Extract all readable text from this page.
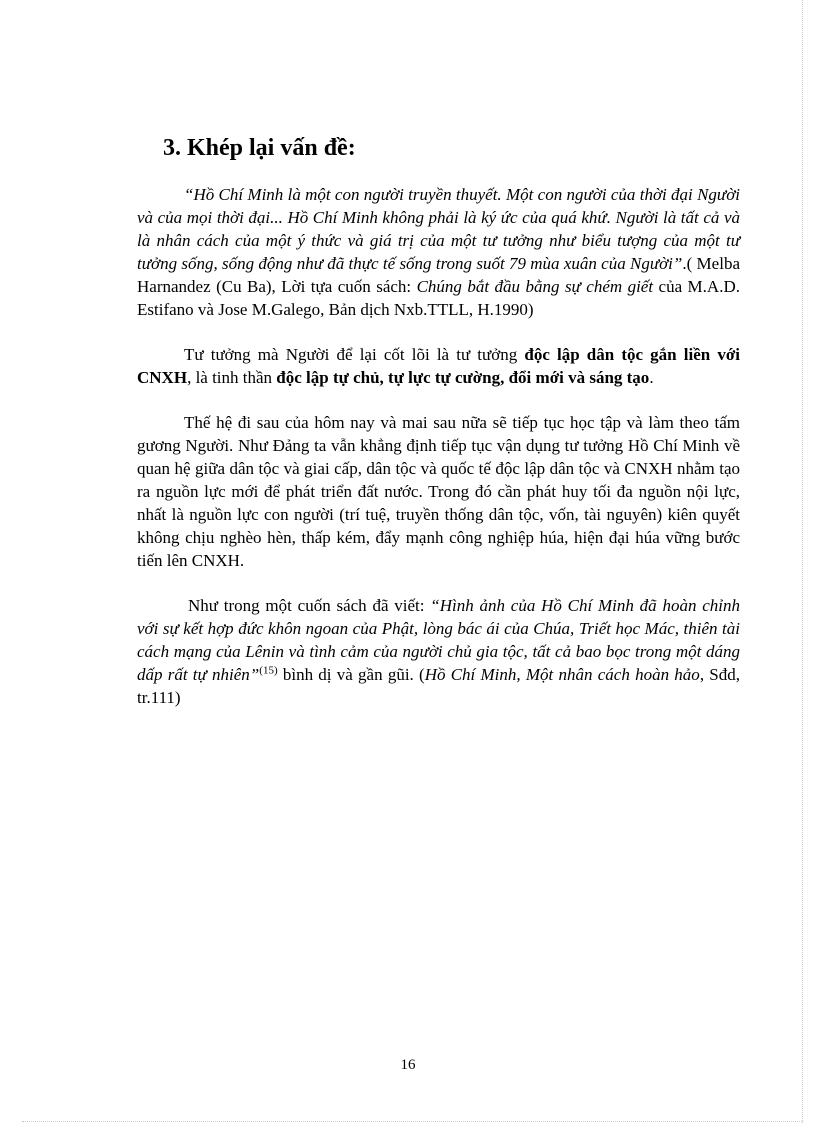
3. Khép lại vấn đề:

“Hồ Chí Minh là một con người truyền thuyết. Một con người của thời đại Người và của mọi thời đại... Hồ Chí Minh không phải là ký ức của quá khứ. Người là tất cả và là nhân cách của một ý thức và giá trị của một tư tưởng như biểu tượng của một tư tưởng sống, sống động như đã thực tế sống trong suốt 79 mùa xuân của Người”.( Melba Harnandez (Cu Ba), Lời tựa cuốn sách: Chúng bắt đầu bằng sự chém giết của M.A.D. Estifano và Jose M.Galego, Bản dịch Nxb.TTLL, H.1990)

Tư tưởng mà Người để lại cốt lõi là tư tưởng độc lập dân tộc gắn liền với CNXH, là tinh thần độc lập tự chủ, tự lực tự cường, đổi mới và sáng tạo.

Thế hệ đi sau của hôm nay và mai sau nữa sẽ tiếp tục học tập và làm theo tấm gương Người. Như Đảng ta vẫn khẳng định tiếp tục vận dụng tư tưởng Hồ Chí Minh về quan hệ giữa dân tộc và giai cấp, dân tộc và quốc tế độc lập dân tộc và CNXH nhằm tạo ra nguồn lực mới để phát triển đất nước. Trong đó cần phát huy tối đa nguồn nội lực, nhất là nguồn lực con người (trí tuệ, truyền thống dân tộc, vốn, tài nguyên) kiên quyết không chịu nghèo hèn, thấp kém, đẩy mạnh công nghiệp húa, hiện đại húa vững bước tiến lên CNXH.

Như trong một cuốn sách đã viết: “Hình ảnh của Hồ Chí Minh đã hoàn chỉnh với sự kết hợp đức khôn ngoan của Phật, lòng bác ái của Chúa, Triết học Mác, thiên tài cách mạng của Lênin và tình cảm của người chủ gia tộc, tất cả bao bọc trong một dáng dấp rất tự nhiên”$^{(15)}$ bình dị và gần gũi. (Hồ Chí Minh, Một nhân cách hoàn hảo, Sđd, tr.111)

16
